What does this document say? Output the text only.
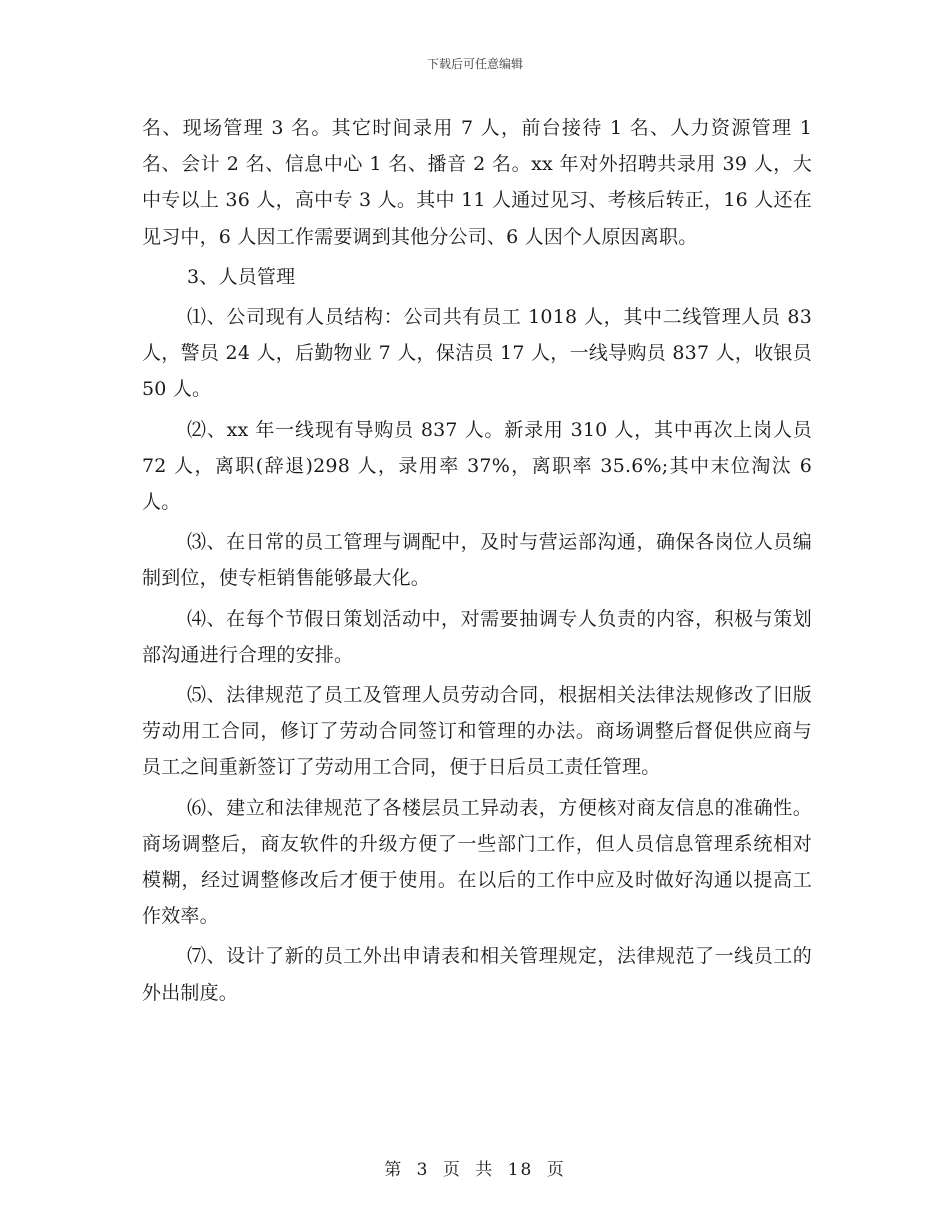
下载后可任意编辑

名、现场管理 3 名。其它时间录用 7 人，前台接待 1 名、人力资源管理 1 名、会计 2 名、信息中心 1 名、播音 2 名。xx 年对外招聘共录用 39 人，大中专以上 36 人，高中专 3 人。其中 11 人通过见习、考核后转正，16 人还在见习中，6 人因工作需要调到其他分公司、6 人因个人原因离职。

3、人员管理

⑴、公司现有人员结构：公司共有员工 1018 人，其中二线管理人员 83 人，警员 24 人，后勤物业 7 人，保洁员 17 人，一线导购员 837 人，收银员 50 人。

⑵、xx 年一线现有导购员 837 人。新录用 310 人，其中再次上岗人员 72 人，离职(辞退)298 人，录用率 37%，离职率 35.6%;其中末位淘汰 6 人。

⑶、在日常的员工管理与调配中，及时与营运部沟通，确保各岗位人员编制到位，使专柜销售能够最大化。

⑷、在每个节假日策划活动中，对需要抽调专人负责的内容，积极与策划部沟通进行合理的安排。

⑸、法律规范了员工及管理人员劳动合同，根据相关法律法规修改了旧版劳动用工合同，修订了劳动合同签订和管理的办法。商场调整后督促供应商与员工之间重新签订了劳动用工合同，便于日后员工责任管理。

⑹、建立和法律规范了各楼层员工异动表，方便核对商友信息的准确性。商场调整后，商友软件的升级方便了一些部门工作，但人员信息管理系统相对模糊，经过调整修改后才便于使用。在以后的工作中应及时做好沟通以提高工作效率。

⑺、设计了新的员工外出申请表和相关管理规定，法律规范了一线员工的外出制度。

第 3 页 共 18 页
